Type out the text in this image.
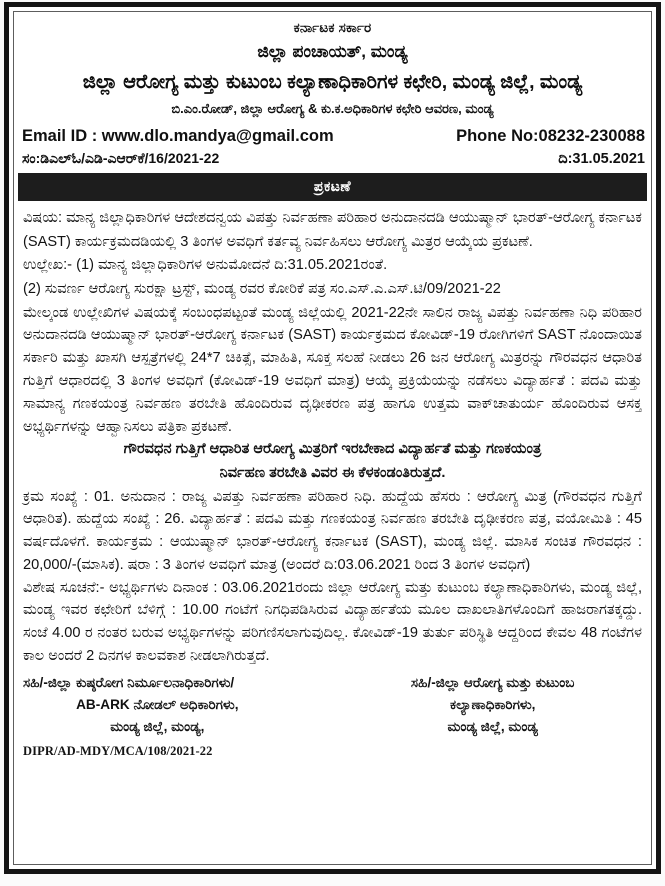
ಕರ್ನಾಟಕ ಸರ್ಕಾರ
ಜಿಲ್ಲಾ ಪಂಚಾಯತ್, ಮಂಡ್ಯ
ಜಿಲ್ಲಾ ಆರೋಗ್ಯ ಮತ್ತು ಕುಟುಂಬ ಕಲ್ಯಾಣಾಧಿಕಾರಿಗಳ ಕಛೇರಿ, ಮಂಡ್ಯ ಜಿಲ್ಲೆ, ಮಂಡ್ಯ
ಬಿ.ಎಂ.ರೋಡ್, ಜಿಲ್ಲಾ ಆರೋಗ್ಯ & ಕು.ಕ.ಅಧಿಕಾರಿಗಳ ಕಛೇರಿ ಆವರಣ, ಮಂಡ್ಯ
Email ID : www.dlo.mandya@gmail.com	Phone No:08232-230088
ಸಂ:ಡಿಎಲ್‌ಓ/ಎಡಿ-ಎಆರ್‌ಕೆ/16/2021-22	ದಿ:31.05.2021
ಪ್ರಕಟಣೆ

ವಿಷಯ: ಮಾನ್ಯ ಜಿಲ್ಲಾಧಿಕಾರಿಗಳ ಆದೇಶದನ್ವಯ ವಿಪತ್ತು ನಿರ್ವಹಣಾ ಪರಿಹಾರ ಅನುದಾನದಡಿ ಆಯುಷ್ಮಾನ್ ಭಾರತ್-ಆರೋಗ್ಯ ಕರ್ನಾಟಕ (SAST) ಕಾರ್ಯಕ್ರಮದಡಿಯಲ್ಲಿ 3 ತಿಂಗಳ ಅವಧಿಗೆ ಕರ್ತವ್ಯ ನಿರ್ವಹಿಸಲು ಆರೋಗ್ಯ ಮಿತ್ರರ ಆಯ್ಕೆಯ ಪ್ರಕಟಣೆ.

ಉಲ್ಲೇಖ:- (1) ಮಾನ್ಯ ಜಿಲ್ಲಾಧಿಕಾರಿಗಳ ಅನುಮೋದನೆ ದಿ:31.05.2021ರಂತೆ.

(2) ಸುವರ್ಣ ಆರೋಗ್ಯ ಸುರಕ್ಷಾ ಟ್ರಸ್ಟ್, ಮಂಡ್ಯ ರವರ ಕೋರಿಕೆ ಪತ್ರ ಸಂ.ಎಸ್.ಎ.ಎಸ್.ಟಿ/09/2021-22

ಮೇಲ್ಕಂಡ ಉಲ್ಲೇಖಿಗಳ ವಿಷಯಕ್ಕೆ ಸಂಬಂಧಪಟ್ಟಂತೆ ಮಂಡ್ಯ ಜಿಲ್ಲೆಯಲ್ಲಿ 2021-22ನೇ ಸಾಲಿನ ರಾಜ್ಯ ವಿಪತ್ತು ನಿರ್ವಹಣಾ ನಿಧಿ ಪರಿಹಾರ ಅನುದಾನದಡಿ ಆಯುಷ್ಮಾನ್ ಭಾರತ್-ಆರೋಗ್ಯ ಕರ್ನಾಟಕ (SAST) ಕಾರ್ಯಕ್ರಮದ ಕೋವಿಡ್-19 ರೋಗಿಗಳಿಗೆ SAST ನೊಂದಾಯಿತ ಸರ್ಕಾರಿ ಮತ್ತು ಖಾಸಗಿ ಆಸ್ಪತ್ರೆಗಳಲ್ಲಿ 24*7 ಚಿಕಿತ್ಸೆ, ಮಾಹಿತಿ, ಸೂಕ್ತ ಸಲಹೆ ನೀಡಲು 26 ಜನ ಆರೋಗ್ಯ ಮಿತ್ರರನ್ನು ಗೌರವಧನ ಆಧಾರಿತ ಗುತ್ತಿಗೆ ಆಧಾರದಲ್ಲಿ 3 ತಿಂಗಳ ಅವಧಿಗೆ (ಕೋವಿಡ್-19 ಅವಧಿಗೆ ಮಾತ್ರ) ಆಯ್ಕೆ ಪ್ರಕ್ರಿಯೆಯನ್ನು ನಡೆಸಲು ವಿದ್ಯಾರ್ಹತೆ : ಪದವಿ ಮತ್ತು ಸಾಮಾನ್ಯ ಗಣಕಯಂತ್ರ ನಿರ್ವಹಣ ತರಬೇತಿ ಹೊಂದಿರುವ ದೃಢೀಕರಣ ಪತ್ರ ಹಾಗೂ ಉತ್ತಮ ವಾಕ್‌ಚಾತುರ್ಯ ಹೊಂದಿರುವ ಆಸಕ್ತ ಅಭ್ಯರ್ಥಿಗಳನ್ನು ಆಹ್ವಾನಿಸಲು ಪತ್ರಿಕಾ ಪ್ರಕಟಣೆ.

ಗೌರವಧನ ಗುತ್ತಿಗೆ ಆಧಾರಿತ ಆರೋಗ್ಯ ಮಿತ್ರರಿಗೆ ಇರಬೇಕಾದ ವಿದ್ಯಾರ್ಹತೆ ಮತ್ತು ಗಣಕಯಂತ್ರ

ನಿರ್ವಹಣ ತರಬೇತಿ ವಿವರ ಈ ಕೆಳಕಂಡಂತಿರುತ್ತದೆ.

ಕ್ರಮ ಸಂಖ್ಯೆ : 01. ಅನುದಾನ : ರಾಜ್ಯ ವಿಪತ್ತು ನಿರ್ವಹಣಾ ಪರಿಹಾರ ನಿಧಿ. ಹುದ್ದೆಯ ಹೆಸರು : ಆರೋಗ್ಯ ಮಿತ್ರ (ಗೌರವಧನ ಗುತ್ತಿಗೆ ಆಧಾರಿತ). ಹುದ್ದೆಯ ಸಂಖ್ಯೆ : 26. ವಿದ್ಯಾರ್ಹತೆ : ಪದವಿ ಮತ್ತು ಗಣಕಯಂತ್ರ ನಿರ್ವಹಣ ತರಬೇತಿ ದೃಢೀಕರಣ ಪತ್ರ, ವಯೋಮಿತಿ : 45 ವರ್ಷದೊಳಗೆ. ಕಾರ್ಯಕ್ರಮ : ಆಯುಷ್ಮಾನ್ ಭಾರತ್-ಆರೋಗ್ಯ ಕರ್ನಾಟಕ (SAST), ಮಂಡ್ಯ ಜಿಲ್ಲೆ. ಮಾಸಿಕ ಸಂಚಿತ ಗೌರವಧನ : 20,000/-(ಮಾಸಿಕ). ಷರಾ : 3 ತಿಂಗಳ ಅವಧಿಗೆ ಮಾತ್ರ (ಅಂದರೆ ದಿ:03.06.2021 ರಿಂದ 3 ತಿಂಗಳ ಅವಧಿಗೆ)

ವಿಶೇಷ ಸೂಚನೆ:- ಅಭ್ಯರ್ಥಿಗಳು ದಿನಾಂಕ : 03.06.2021ರಂದು ಜಿಲ್ಲಾ ಆರೋಗ್ಯ ಮತ್ತು ಕುಟುಂಬ ಕಲ್ಯಾಣಾಧಿಕಾರಿಗಳು, ಮಂಡ್ಯ ಜಿಲ್ಲೆ, ಮಂಡ್ಯ ಇವರ ಕಛೇರಿಗೆ ಬೆಳಿಗ್ಗೆ : 10.00 ಗಂಟೆಗೆ ನಿಗಧಿಪಡಿಸಿರುವ ವಿದ್ಯಾರ್ಹತೆಯ ಮೂಲ ದಾಖಲಾತಿಗಳೊಂದಿಗೆ ಹಾಜರಾಗತಕ್ಕದ್ದು. ಸಂಜೆ 4.00 ರ ನಂತರ ಬರುವ ಅಭ್ಯರ್ಥಿಗಳನ್ನು ಪರಿಗಣಿಸಲಾಗುವುದಿಲ್ಲ. ಕೋವಿಡ್-19 ತುರ್ತು ಪರಿಸ್ಥಿತಿ ಆದ್ದರಿಂದ ಕೇವಲ 48 ಗಂಟೆಗಳ ಕಾಲ ಅಂದರೆ 2 ದಿನಗಳ ಕಾಲವಕಾಶ ನೀಡಲಾಗಿರುತ್ತದೆ.

ಸಹಿ/-ಜಿಲ್ಲಾ ಕುಷ್ಠರೋಗ ನಿರ್ಮೂಲನಾಧಿಕಾರಿಗಳು/
AB-ARK ನೋಡಲ್ ಅಧಿಕಾರಿಗಳು,
ಮಂಡ್ಯ ಜಿಲ್ಲೆ, ಮಂಡ್ಯ,
ಸಹಿ/-ಜಿಲ್ಲಾ ಆರೋಗ್ಯ ಮತ್ತು ಕುಟುಂಬ
ಕಲ್ಯಾಣಾಧಿಕಾರಿಗಳು,
ಮಂಡ್ಯ ಜಿಲ್ಲೆ, ಮಂಡ್ಯ
DIPR/AD-MDY/MCA/108/2021-22
